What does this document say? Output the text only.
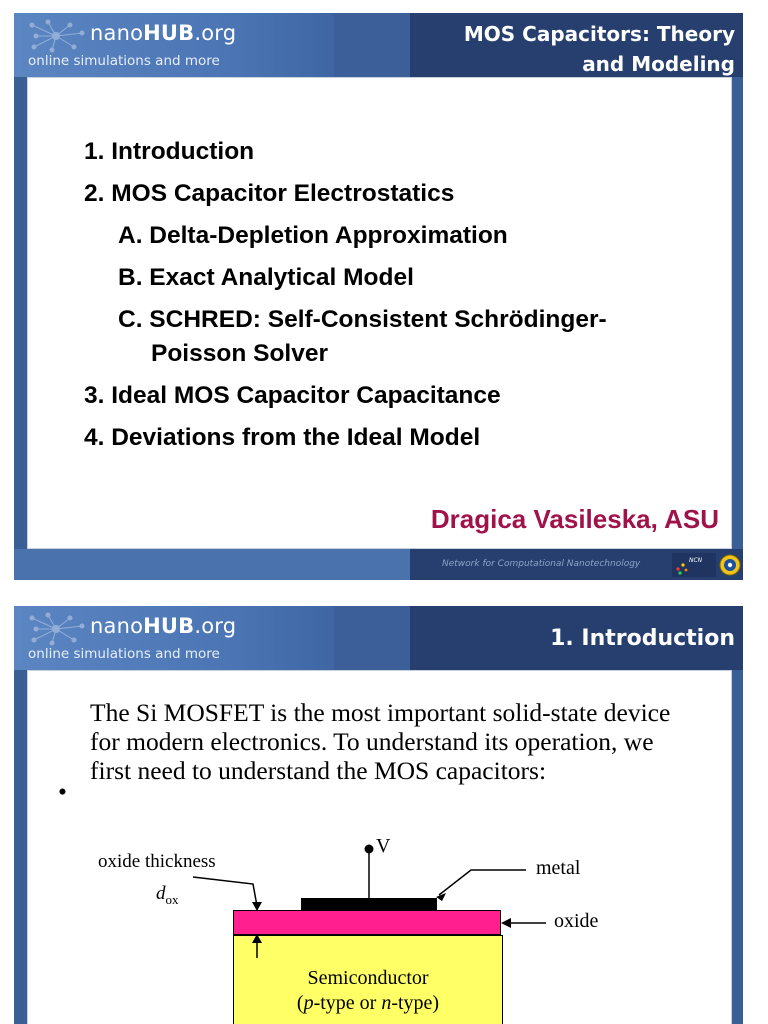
nanoHUB.org
online simulations and more
MOS Capacitors: Theory
and Modeling
1. Introduction
2. MOS Capacitor Electrostatics
A. Delta-Depletion Approximation
B. Exact Analytical Model
C. SCHRED: Self-Consistent Schrödinger-
Poisson Solver
3. Ideal MOS Capacitor Capacitance
4. Deviations from the Ideal Model
Dragica Vasileska, ASU
Network for Computational Nanotechnology	NCN
nanoHUB.org
online simulations and more
1. Introduction
•
The Si MOSFET is the most important solid-state device
for modern electronics. To understand its operation, we
first need to understand the MOS capacitors:
oxide thickness
$d_{ox}$
V
metal
oxide
Semiconductor
(p-type or n-type)
